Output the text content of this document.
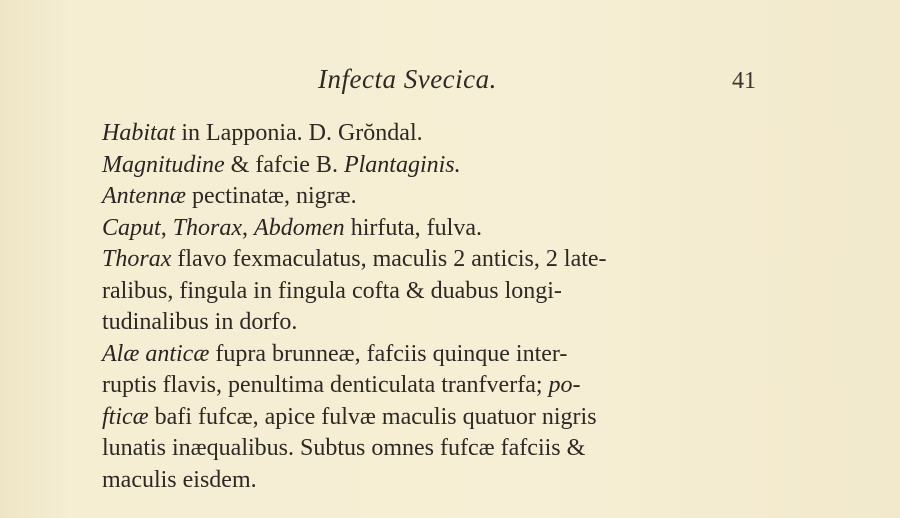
Infecta Svecica.	41
Habitat in Lapponia. D. Grŏndal.
Magnitudine & fafcie B. Plantaginis.
Antennæ pectinatæ, nigræ.
Caput, Thorax, Abdomen hirfuta, fulva.
Thorax flavo fexmaculatus, maculis 2 anticis, 2 late-
ralibus, fingula in fingula cofta & duabus longi-
tudinalibus in dorfo.
Alæ anticæ fupra brunneæ, fafciis quinque inter-
ruptis flavis, penultima denticulata tranfverfa; po-
fticæ bafi fufcæ, apice fulvæ maculis quatuor nigris
lunatis inæqualibus. Subtus omnes fufcæ fafciis &
maculis eisdem.
